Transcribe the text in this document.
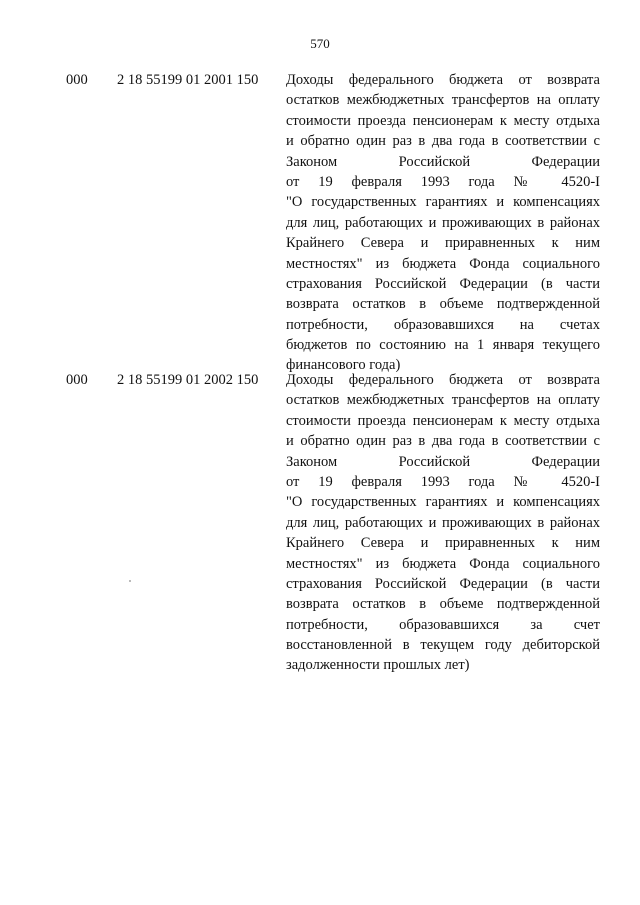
570
000 2 18 55199 01 2001 150 Доходы федерального бюджета от возврата
остатков межбюджетных трансфертов на оплату
стоимости проезда пенсионерам к месту отдыха
и обратно один раз в два года в соответствии с
Законом Российской Федерации
от 19 февраля 1993 года № 4520-I
"О государственных гарантиях и компенсациях
для лиц, работающих и проживающих в районах
Крайнего Севера и приравненных к ним
местностях" из бюджета Фонда социального
страхования Российской Федерации (в части
возврата остатков в объеме подтвержденной
потребности, образовавшихся на счетах
бюджетов по состоянию на 1 января текущего
финансового года)
000 2 18 55199 01 2002 150 Доходы федерального бюджета от возврата
остатков межбюджетных трансфертов на оплату
стоимости проезда пенсионерам к месту отдыха
и обратно один раз в два года в соответствии с
Законом Российской Федерации
от 19 февраля 1993 года № 4520-I
"О государственных гарантиях и компенсациях
для лиц, работающих и проживающих в районах
Крайнего Севера и приравненных к ним
местностях" из бюджета Фонда социального
страхования Российской Федерации (в части
возврата остатков в объеме подтвержденной
потребности, образовавшихся за счет
восстановленной в текущем году дебиторской
задолженности прошлых лет)
